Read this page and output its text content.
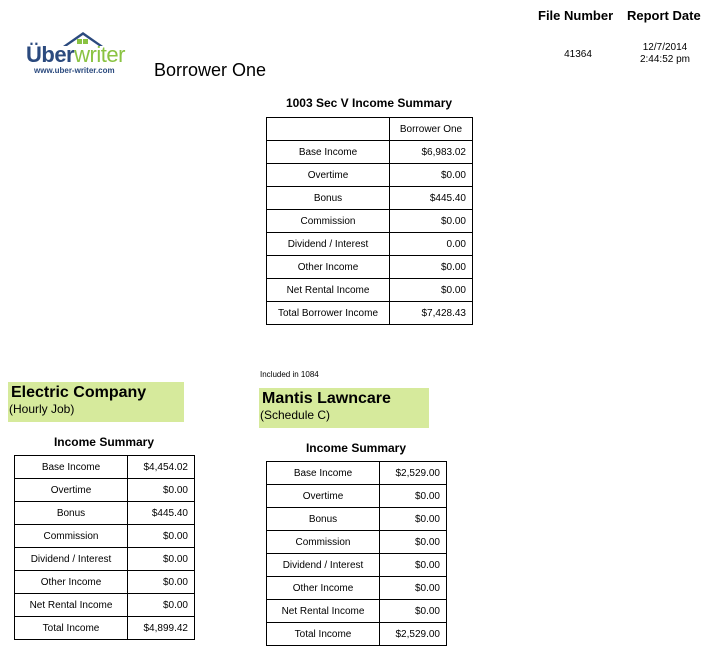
File Number Report Date
41364
12/7/2014
2:44:52 pm
Überwriter
www.uber-writer.com Borrower One
1003 Sec V Income Summary
	Borrower One
Base Income	$6,983.02
Overtime	$0.00
Bonus	$445.40
Commission	$0.00
Dividend / Interest	0.00
Other Income	$0.00
Net Rental Income	$0.00
Total Borrower Income	$7,428.43
Electric Company
(Hourly Job)
Income Summary
Base Income	$4,454.02
Overtime	$0.00
Bonus	$445.40
Commission	$0.00
Dividend / Interest	$0.00
Other Income	$0.00
Net Rental Income	$0.00
Total Income	$4,899.42
Included in 1084
Mantis Lawncare
(Schedule C)
Income Summary
Base Income	$2,529.00
Overtime	$0.00
Bonus	$0.00
Commission	$0.00
Dividend / Interest	$0.00
Other Income	$0.00
Net Rental Income	$0.00
Total Income	$2,529.00
